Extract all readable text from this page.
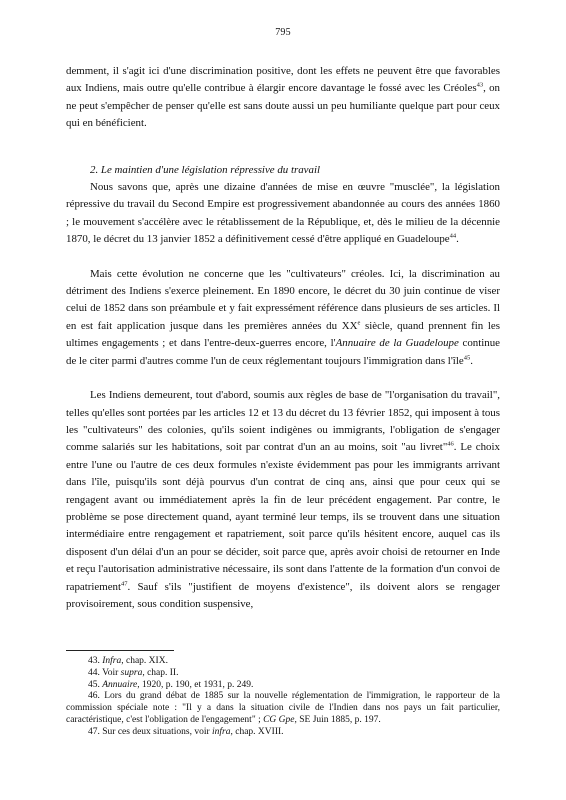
795

demment, il s'agit ici d'une discrimination positive, dont les effets ne peuvent être que favorables aux Indiens, mais outre qu'elle contribue à élargir encore davantage le fossé avec les Créoles$^{43}$, on ne peut s'empêcher de penser qu'elle est sans doute aussi un peu humiliante quelque part pour ceux qui en bénéficient.

2. Le maintien d'une législation répressive du travail

Nous savons que, après une dizaine d'années de mise en œuvre "musclée", la législation répressive du travail du Second Empire est progressivement abandonnée au cours des années 1860 ; le mouvement s'accélère avec le rétablissement de la République, et, dès le milieu de la décennie 1870, le décret du 13 janvier 1852 a définitivement cessé d'être appliqué en Guadeloupe$^{44}$.

Mais cette évolution ne concerne que les "cultivateurs" créoles. Ici, la discrimination au détriment des Indiens s'exerce pleinement. En 1890 encore, le décret du 30 juin continue de viser celui de 1852 dans son préambule et y fait expressément référence dans plusieurs de ses articles. Il en est fait application jusque dans les premières années du XXe siècle, quand prennent fin les ultimes engagements ; et dans l'entre-deux-guerres encore, l'Annuaire de la Guadeloupe continue de le citer parmi d'autres comme l'un de ceux réglementant toujours l'immigration dans l'île$^{45}$.

Les Indiens demeurent, tout d'abord, soumis aux règles de base de "l'organisation du travail", telles qu'elles sont portées par les articles 12 et 13 du décret du 13 février 1852, qui imposent à tous les "cultivateurs" des colonies, qu'ils soient indigènes ou immigrants, l'obligation de s'engager comme salariés sur les habitations, soit par contrat d'un an au moins, soit "au livret"$^{46}$. Le choix entre l'une ou l'autre de ces deux formules n'existe évidemment pas pour les immigrants arrivant dans l'île, puisqu'ils sont déjà pourvus d'un contrat de cinq ans, ainsi que pour ceux qui se rengagent avant ou immédiatement après la fin de leur précédent engagement. Par contre, le problème se pose directement quand, ayant terminé leur temps, ils se trouvent dans une situation intermédiaire entre rengagement et rapatriement, soit parce qu'ils hésitent encore, auquel cas ils disposent d'un délai d'un an pour se décider, soit parce que, après avoir choisi de retourner en Inde et reçu l'autorisation administrative nécessaire, ils sont dans l'attente de la formation d'un convoi de rapatriement$^{47}$. Sauf s'ils "justifient de moyens d'existence", ils doivent alors se rengager provisoirement, sous condition suspensive,

43. Infra, chap. XIX.

44. Voir supra, chap. II.

45. Annuaire, 1920, p. 190, et 1931, p. 249.

46. Lors du grand débat de 1885 sur la nouvelle réglementation de l'immigration, le rapporteur de la commission spéciale note : "Il y a dans la situation civile de l'Indien dans nos pays un fait particulier, caractéristique, c'est l'obligation de l'engagement" ; CG Gpe, SE Juin 1885, p. 197.

47. Sur ces deux situations, voir infra, chap. XVIII.
